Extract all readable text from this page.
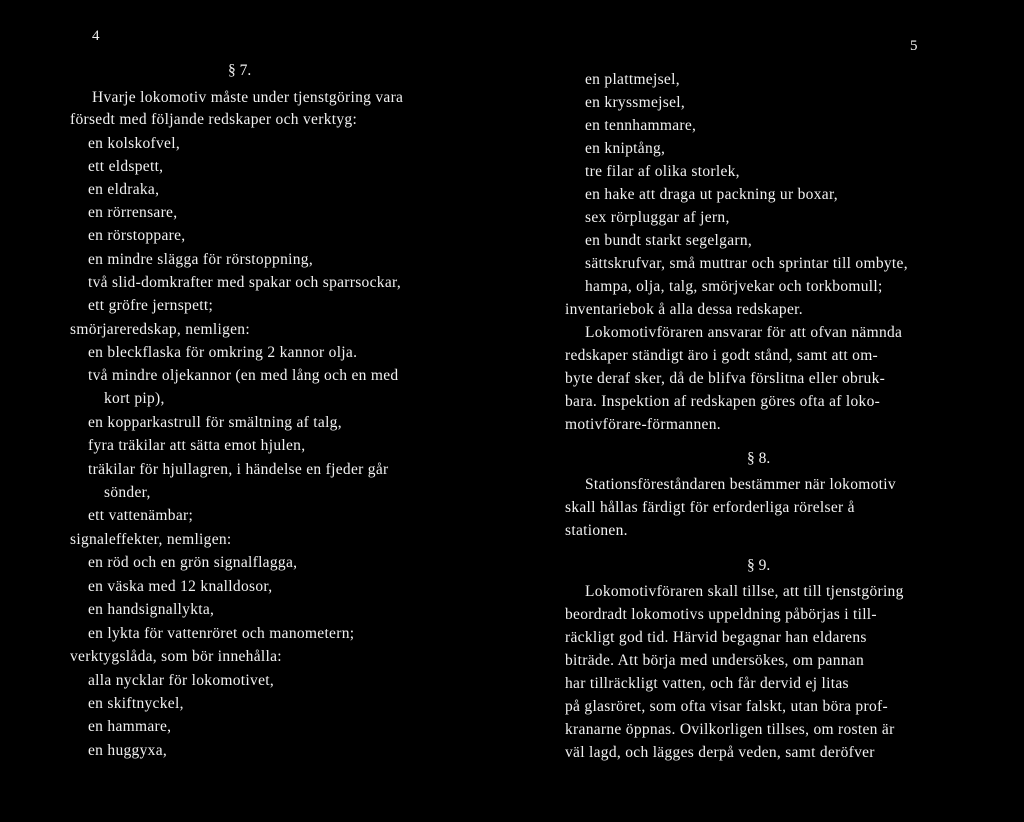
4
§ 7.
Hvarje lokomotiv måste under tjenstgöring vara
försedt med följande redskaper och verktyg:
en kolskofvel,
ett eldspett,
en eldraka,
en rörrensare,
en rörstoppare,
en mindre slägga för rörstoppning,
två slid-domkrafter med spakar och sparrsockar,
ett gröfre jernspett;
smörjareredskap, nemligen:
en bleckflaska för omkring 2 kannor olja.
två mindre oljekannor (en med lång och en med
kort pip),
en kopparkastrull för smältning af talg,
fyra träkilar att sätta emot hjulen,
träkilar för hjullagren, i händelse en fjeder går
sönder,
ett vattenämbar;
signaleffekter, nemligen:
en röd och en grön signalflagga,
en väska med 12 knalldosor,
en handsignallykta,
en lykta för vattenröret och manometern;
verktygslåda, som bör innehålla:
alla nycklar för lokomotivet,
en skiftnyckel,
en hammare,
en huggyxa,
5
en plattmejsel,
en kryssmejsel,
en tennhammare,
en kniptång,
tre filar af olika storlek,
en hake att draga ut packning ur boxar,
sex rörpluggar af jern,
en bundt starkt segelgarn,
sättskrufvar, små muttrar och sprintar till ombyte,
hampa, olja, talg, smörjvekar och torkbomull;
inventariebok å alla dessa redskaper.
Lokomotivföraren ansvarar för att ofvan nämnda
redskaper ständigt äro i godt stånd, samt att om-
byte deraf sker, då de blifva förslitna eller obruk-
bara. Inspektion af redskapen göres ofta af loko-
motivförare-förmannen.
§ 8.
Stationsföreståndaren bestämmer när lokomotiv
skall hållas färdigt för erforderliga rörelser å
stationen.
§ 9.
Lokomotivföraren skall tillse, att till tjenstgöring
beordradt lokomotivs uppeldning påbörjas i till-
räckligt god tid. Härvid begagnar han eldarens
biträde. Att börja med undersökes, om pannan
har tillräckligt vatten, och får dervid ej litas
på glasröret, som ofta visar falskt, utan böra prof-
kranarne öppnas. Ovilkorligen tillses, om rosten är
väl lagd, och lägges derpå veden, samt deröfver
